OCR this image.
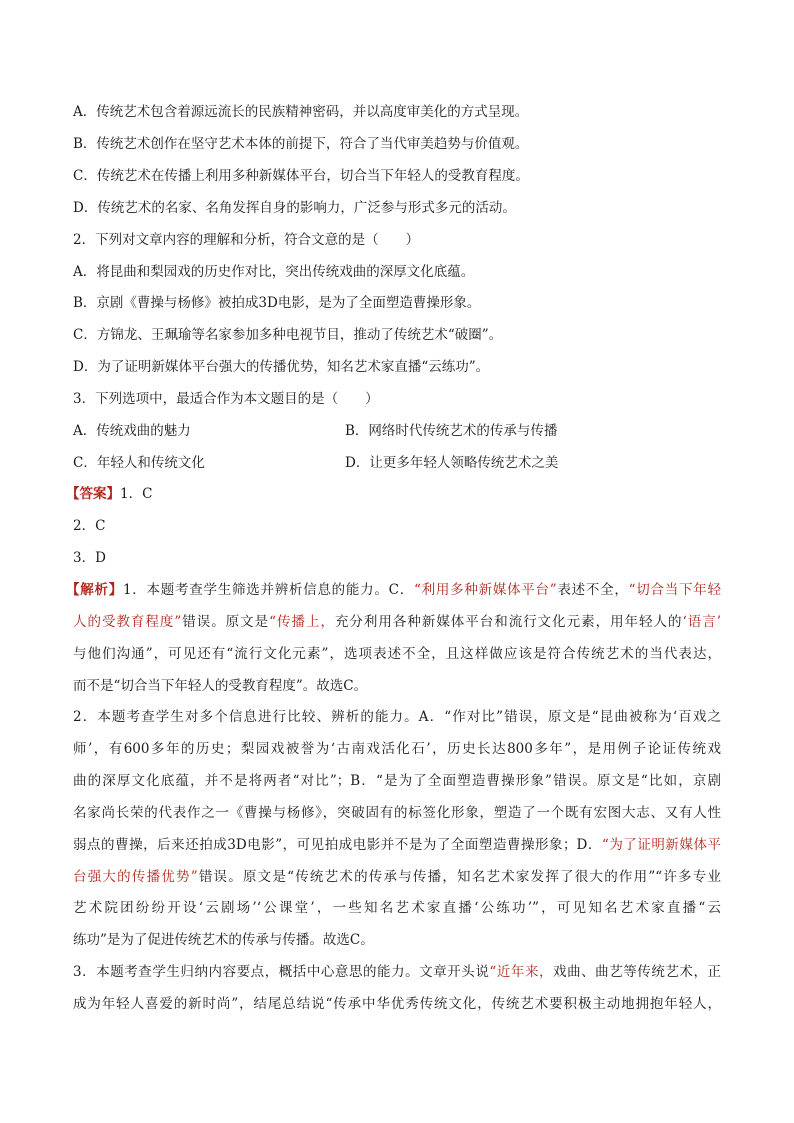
A．传统艺术包含着源远流长的民族精神密码，并以高度审美化的方式呈现。
B．传统艺术创作在坚守艺术本体的前提下，符合了当代审美趋势与价值观。
C．传统艺术在传播上利用多种新媒体平台，切合当下年轻人的受教育程度。
D．传统艺术的名家、名角发挥自身的影响力，广泛参与形式多元的活动。
2．下列对文章内容的理解和分析，符合文意的是（　　）
A．将昆曲和梨园戏的历史作对比，突出传统戏曲的深厚文化底蕴。
B．京剧《曹操与杨修》被拍成3D电影，是为了全面塑造曹操形象。
C．方锦龙、王珮瑜等名家参加多种电视节目，推动了传统艺术“破圈”。
D．为了证明新媒体平台强大的传播优势，知名艺术家直播“云练功”。
3．下列选项中，最适合作为本文题目的是（　　）
A．传统戏曲的魅力	B．网络时代传统艺术的传承与传播
C．年轻人和传统文化	D．让更多年轻人领略传统艺术之美
【答案】1．C
2．C
3．D
【解析】1．本题考查学生筛选并辨析信息的能力。C．“利用多种新媒体平台”表述不全，“切合当下年轻
人的受教育程度”错误。原文是“传播上，充分利用各种新媒体平台和流行文化元素，用年轻人的‘语言’
与他们沟通”，可见还有“流行文化元素”，选项表述不全，且这样做应该是符合传统艺术的当代表达，
而不是“切合当下年轻人的受教育程度”。故选C。
2．本题考查学生对多个信息进行比较、辨析的能力。A．“作对比”错误，原文是“昆曲被称为‘百戏之
师’，有600多年的历史；梨园戏被誉为‘古南戏活化石’，历史长达800多年”，是用例子论证传统戏
曲的深厚文化底蕴，并不是将两者“对比”；B．“是为了全面塑造曹操形象”错误。原文是“比如，京剧
名家尚长荣的代表作之一《曹操与杨修》，突破固有的标签化形象，塑造了一个既有宏图大志、又有人性
弱点的曹操，后来还拍成3D电影”，可见拍成电影并不是为了全面塑造曹操形象；D．“为了证明新媒体平
台强大的传播优势”错误。原文是“传统艺术的传承与传播，知名艺术家发挥了很大的作用”“许多专业
艺术院团纷纷开设‘云剧场’‘公课堂’，一些知名艺术家直播‘公练功’”，可见知名艺术家直播“云
练功”是为了促进传统艺术的传承与传播。故选C。
3．本题考查学生归纳内容要点，概括中心意思的能力。文章开头说“近年来，戏曲、曲艺等传统艺术，正
成为年轻人喜爱的新时尚”，结尾总结说“传承中华优秀传统文化，传统艺术要积极主动地拥抱年轻人，
